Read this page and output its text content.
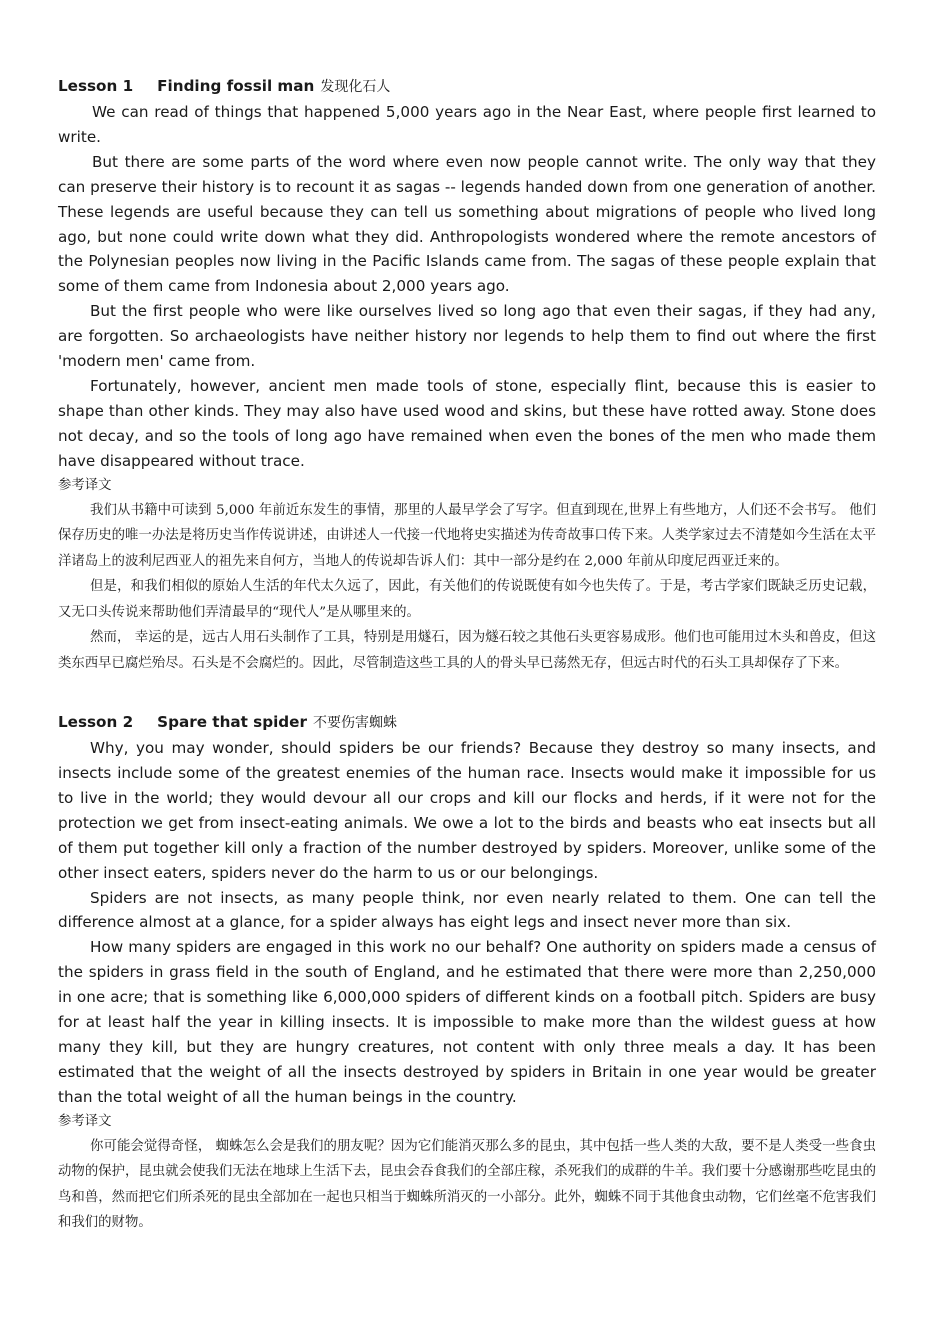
Lesson 1 Finding fossil man 发现化石人

We can read of things that happened 5,000 years ago in the Near East, where people first learned to write.

But there are some parts of the word where even now people cannot write. The only way that they can preserve their history is to recount it as sagas -- legends handed down from one generation of another. These legends are useful because they can tell us something about migrations of people who lived long ago, but none could write down what they did. Anthropologists wondered where the remote ancestors of the Polynesian peoples now living in the Pacific Islands came from. The sagas of these people explain that some of them came from Indonesia about 2,000 years ago.

But the first people who were like ourselves lived so long ago that even their sagas, if they had any, are forgotten. So archaeologists have neither history nor legends to help them to find out where the first 'modern men' came from.

Fortunately, however, ancient men made tools of stone, especially flint, because this is easier to shape than other kinds. They may also have used wood and skins, but these have rotted away. Stone does not decay, and so the tools of long ago have remained when even the bones of the men who made them have disappeared without trace.

参考译文

我们从书籍中可读到 5,000 年前近东发生的事情，那里的人最早学会了写字。但直到现在,世界上有些地方，人们还不会书写。 他们保存历史的唯一办法是将历史当作传说讲述，由讲述人一代接一代地将史实描述为传奇故事口传下来。人类学家过去不清楚如今生活在太平洋诸岛上的波利尼西亚人的祖先来自何方，当地人的传说却告诉人们：其中一部分是约在 2,000 年前从印度尼西亚迁来的。

但是，和我们相似的原始人生活的年代太久远了，因此，有关他们的传说既使有如今也失传了。于是，考古学家们既缺乏历史记载，又无口头传说来帮助他们弄清最早的“现代人”是从哪里来的。

然而， 幸运的是，远古人用石头制作了工具，特别是用燧石，因为燧石较之其他石头更容易成形。他们也可能用过木头和兽皮，但这类东西早已腐烂殆尽。石头是不会腐烂的。因此，尽管制造这些工具的人的骨头早已荡然无存，但远古时代的石头工具却保存了下来。

Lesson 2 Spare that spider 不要伤害蜘蛛

Why, you may wonder, should spiders be our friends? Because they destroy so many insects, and insects include some of the greatest enemies of the human race. Insects would make it impossible for us to live in the world; they would devour all our crops and kill our flocks and herds, if it were not for the protection we get from insect-eating animals. We owe a lot to the birds and beasts who eat insects but all of them put together kill only a fraction of the number destroyed by spiders. Moreover, unlike some of the other insect eaters, spiders never do the harm to us or our belongings.

Spiders are not insects, as many people think, nor even nearly related to them. One can tell the difference almost at a glance, for a spider always has eight legs and insect never more than six.

How many spiders are engaged in this work no our behalf? One authority on spiders made a census of the spiders in grass field in the south of England, and he estimated that there were more than 2,250,000 in one acre; that is something like 6,000,000 spiders of different kinds on a football pitch. Spiders are busy for at least half the year in killing insects. It is impossible to make more than the wildest guess at how many they kill, but they are hungry creatures, not content with only three meals a day. It has been estimated that the weight of all the insects destroyed by spiders in Britain in one year would be greater than the total weight of all the human beings in the country.

参考译文

你可能会觉得奇怪， 蜘蛛怎么会是我们的朋友呢？因为它们能消灭那么多的昆虫，其中包括一些人类的大敌，要不是人类受一些食虫动物的保护，昆虫就会使我们无法在地球上生活下去，昆虫会吞食我们的全部庄稼，杀死我们的成群的牛羊。我们要十分感谢那些吃昆虫的鸟和兽，然而把它们所杀死的昆虫全部加在一起也只相当于蜘蛛所消灭的一小部分。此外，蜘蛛不同于其他食虫动物，它们丝毫不危害我们和我们的财物。
